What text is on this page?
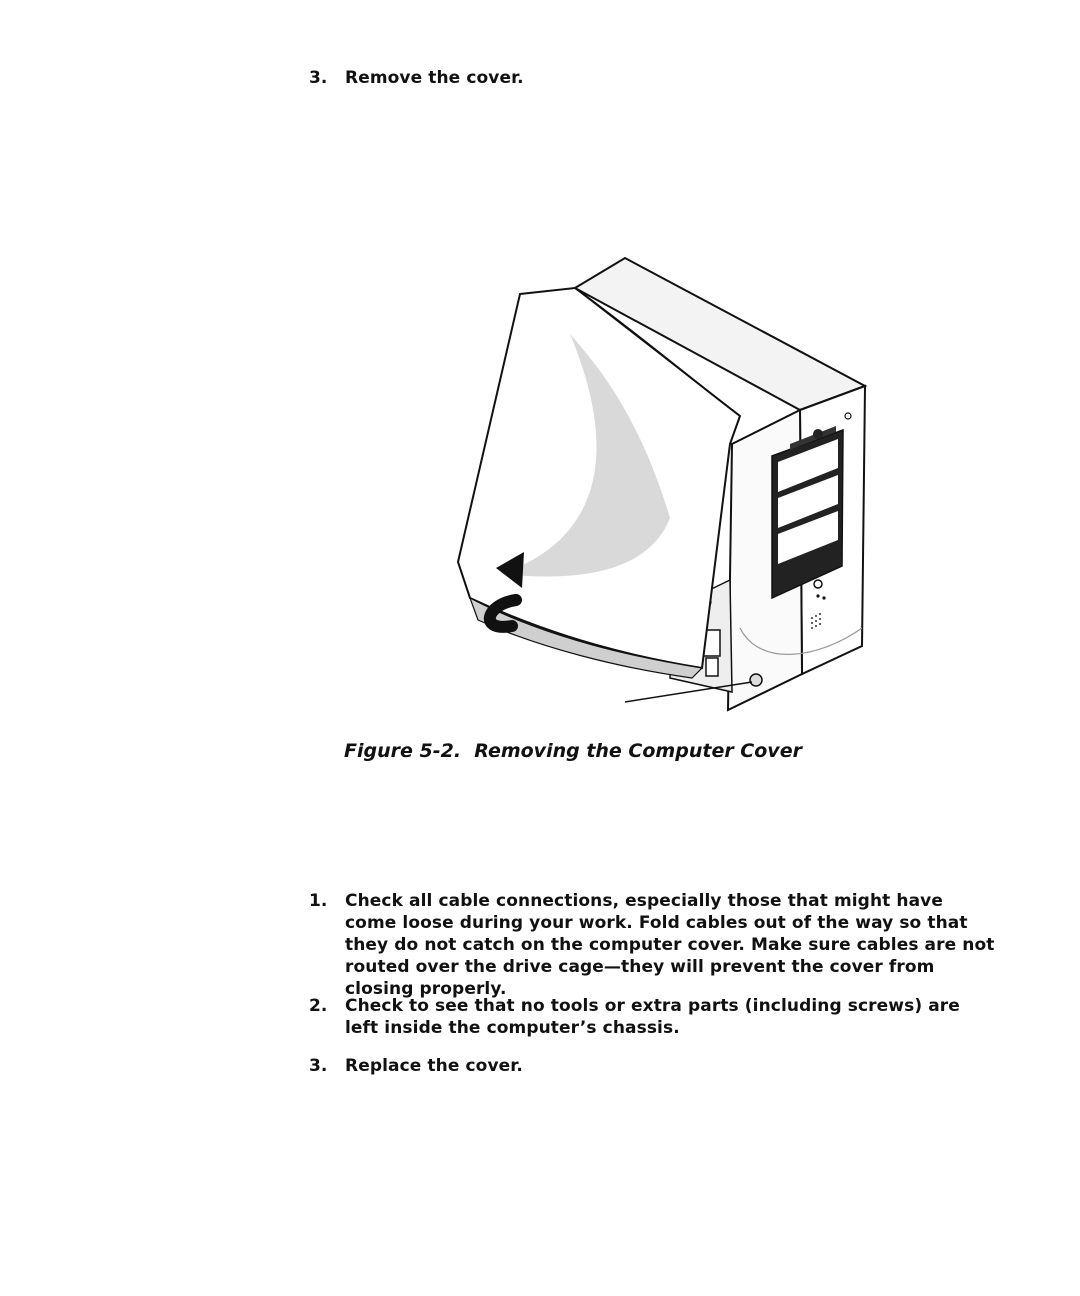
3.	Remove the cover.
Figure 5-2.  Removing the Computer Cover
1.	Check all cable connections, especially those that might have come loose during your work. Fold cables out of the way so that they do not catch on the computer cover. Make sure cables are not routed over the drive cage—they will prevent the cover from closing properly.
2.	Check to see that no tools or extra parts (including screws) are left inside the computer’s chassis.
3.	Replace the cover.
